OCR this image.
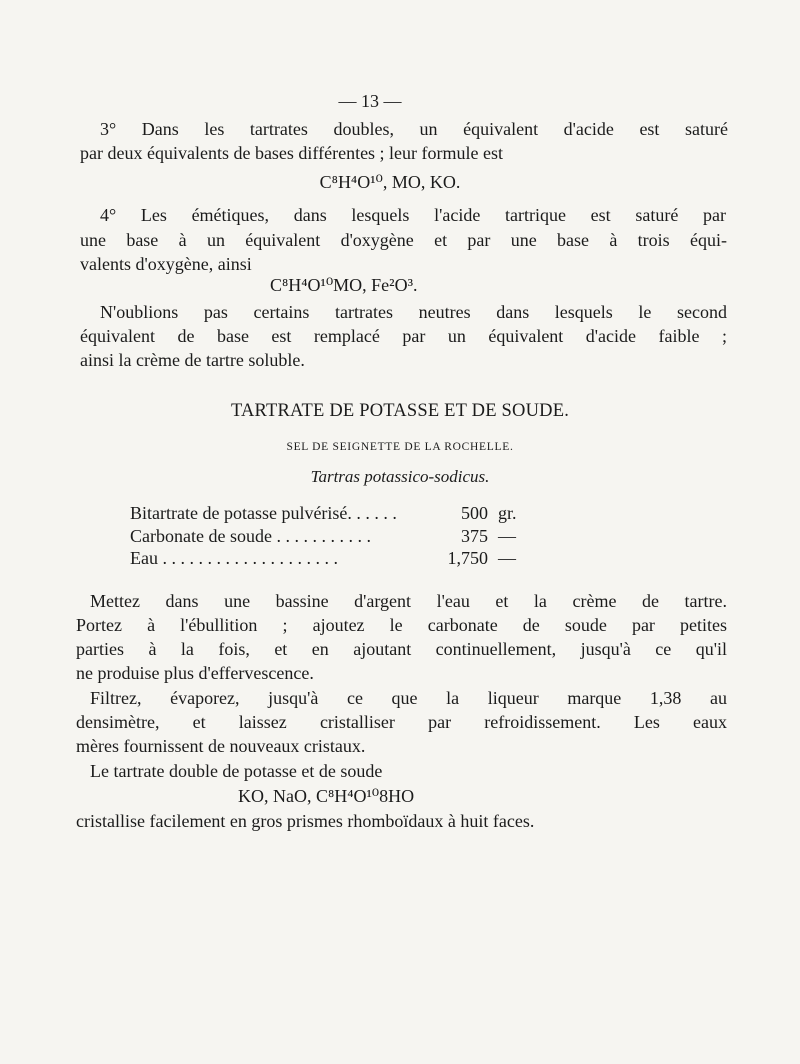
— 13 —
3° Dans les tartrates doubles, un équivalent d'acide est saturé
par deux équivalents de bases différentes ; leur formule est
C⁸H⁴O¹⁰, MO, KO.
4° Les émétiques, dans lesquels l'acide tartrique est saturé par
une base à un équivalent d'oxygène et par une base à trois équi-
valents d'oxygène, ainsi
C⁸H⁴O¹⁰MO, Fe²O³.
N'oublions pas certains tartrates neutres dans lesquels le second
équivalent de base est remplacé par un équivalent d'acide faible ;
ainsi la crème de tartre soluble.
TARTRATE DE POTASSE ET DE SOUDE.
SEL DE SEIGNETTE DE LA ROCHELLE.
Tartras potassico-sodicus.
Bitartrate de potasse pulvérisé. . . . . .	500 gr.
Carbonate de soude . . . . . . . . . . .	375 —
Eau . . . . . . . . . . . . . . . . . . . .	1,750 —
Mettez dans une bassine d'argent l'eau et la crème de tartre.
Portez à l'ébullition ; ajoutez le carbonate de soude par petites
parties à la fois, et en ajoutant continuellement, jusqu'à ce qu'il
ne produise plus d'effervescence.
Filtrez, évaporez, jusqu'à ce que la liqueur marque 1,38 au
densimètre, et laissez cristalliser par refroidissement. Les eaux
mères fournissent de nouveaux cristaux.
Le tartrate double de potasse et de soude
KO, NaO, C⁸H⁴O¹⁰8HO
cristallise facilement en gros prismes rhomboïdaux à huit faces.
